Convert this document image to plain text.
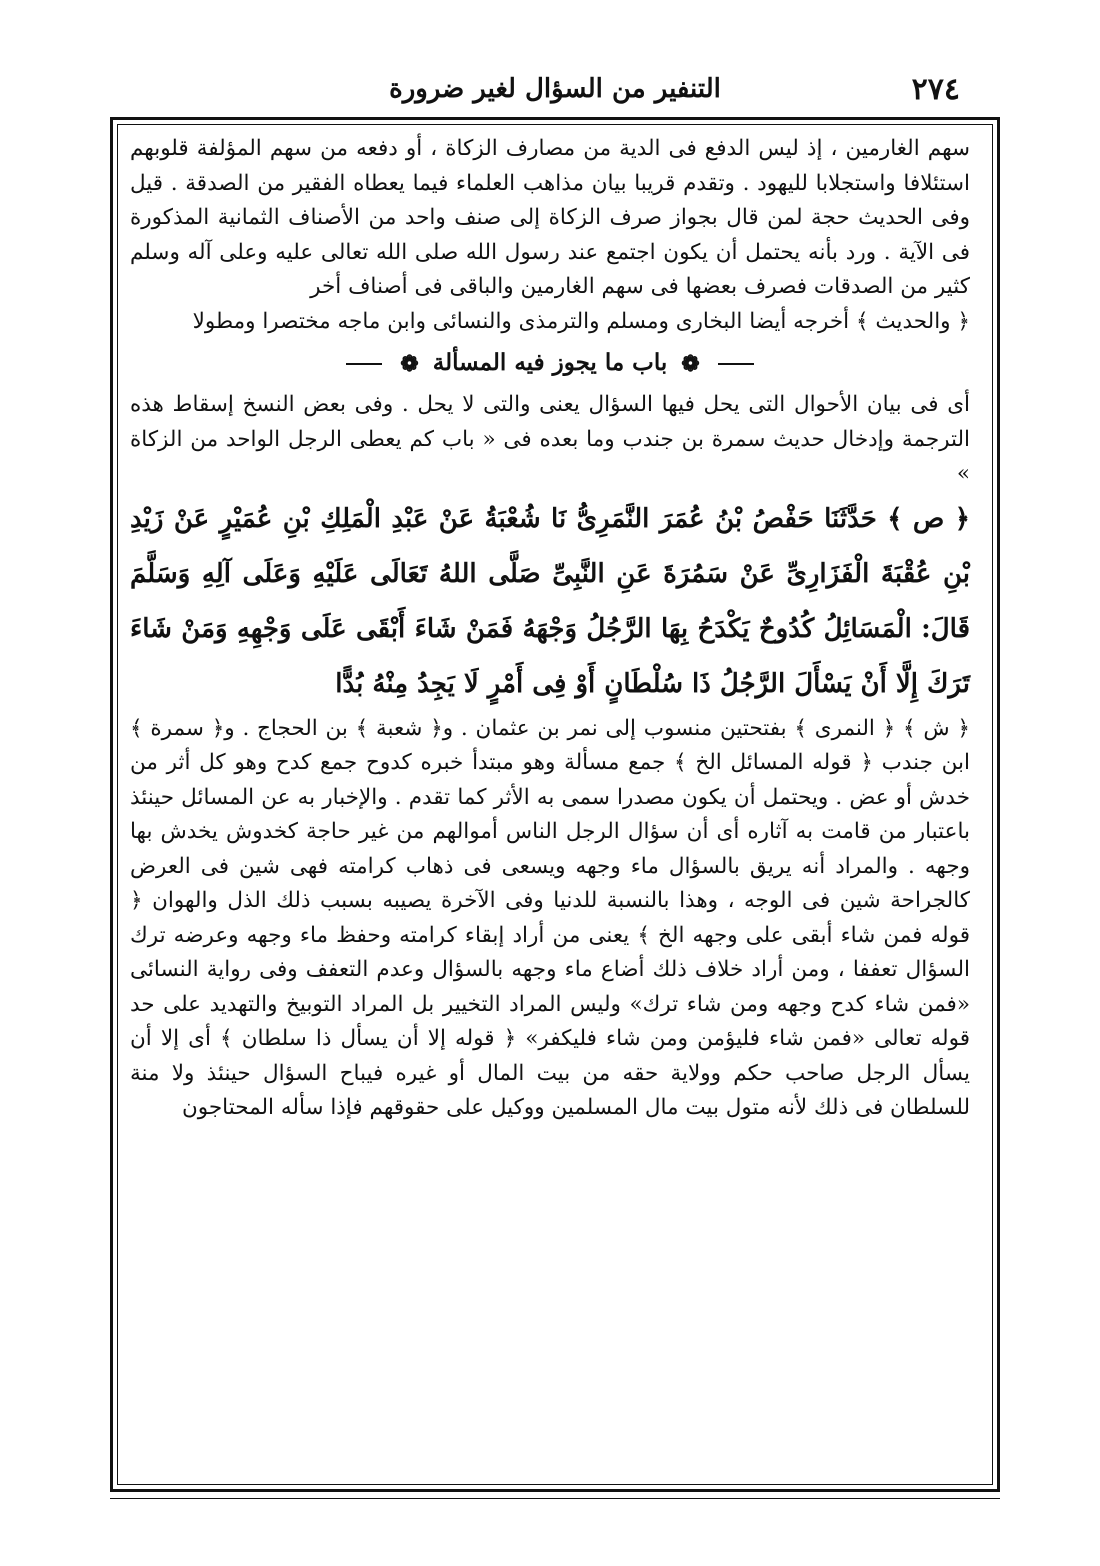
٢٧٤
التنفير من السؤال لغير ضرورة

سهم الغارمين ، إذ ليس الدفع فى الدية من مصارف الزكاة ، أو دفعه من سهم المؤلفة قلوبهم استئلافا واستجلابا لليهود . وتقدم قريبا بيان مذاهب العلماء فيما يعطاه الفقير من الصدقة . قيل وفى الحديث حجة لمن قال بجواز صرف الزكاة إلى صنف واحد من الأصناف الثمانية المذكورة فى الآية . ورد بأنه يحتمل أن يكون اجتمع عند رسول الله صلى الله تعالى عليه وعلى آله وسلم كثير من الصدقات فصرف بعضها فى سهم الغارمين والباقى فى أصناف أخر

﴿ والحديث ﴾ أخرجه أيضا البخارى ومسلم والترمذى والنسائى وابن ماجه مختصرا ومطولا

❁ باب ما يجوز فيه المسألة ❁

أى فى بيان الأحوال التى يحل فيها السؤال يعنى والتى لا يحل . وفى بعض النسخ إسقاط هذه الترجمة وإدخال حديث سمرة بن جندب وما بعده فى « باب كم يعطى الرجل الواحد من الزكاة »

﴿ ص ﴾ حَدَّثَنَا حَفْصُ بْنُ عُمَرَ النَّمَرِىُّ نَا شُعْبَةُ عَنْ عَبْدِ الْمَلِكِ بْنِ عُمَيْرٍ عَنْ زَيْدِ بْنِ عُقْبَةَ الْفَزَارِىِّ عَنْ سَمُرَةَ عَنِ النَّبِىِّ صَلَّى اللهُ تَعَالَى عَلَيْهِ وَعَلَى آلِهِ وَسَلَّمَ قَالَ: الْمَسَائِلُ كُدُوحٌ يَكْدَحُ بِهَا الرَّجُلُ وَجْهَهُ فَمَنْ شَاءَ أَبْقَى عَلَى وَجْهِهِ وَمَنْ شَاءَ تَرَكَ إِلَّا أَنْ يَسْأَلَ الرَّجُلُ ذَا سُلْطَانٍ أَوْ فِى أَمْرٍ لَا يَجِدُ مِنْهُ بُدًّا

﴿ ش ﴾ ﴿ النمرى ﴾ بفتحتين منسوب إلى نمر بن عثمان . و﴿ شعبة ﴾ بن الحجاج . و﴿ سمرة ﴾ ابن جندب ﴿ قوله المسائل الخ ﴾ جمع مسألة وهو مبتدأ خبره كدوح جمع كدح وهو كل أثر من خدش أو عض . ويحتمل أن يكون مصدرا سمى به الأثر كما تقدم . والإخبار به عن المسائل حينئذ باعتبار من قامت به آثاره أى أن سؤال الرجل الناس أموالهم من غير حاجة كخدوش يخدش بها وجهه . والمراد أنه يريق بالسؤال ماء وجهه ويسعى فى ذهاب كرامته فهى شين فى العرض كالجراحة شين فى الوجه ، وهذا بالنسبة للدنيا وفى الآخرة يصيبه بسبب ذلك الذل والهوان ﴿ قوله فمن شاء أبقى على وجهه الخ ﴾ يعنى من أراد إبقاء كرامته وحفظ ماء وجهه وعرضه ترك السؤال تعففا ، ومن أراد خلاف ذلك أضاع ماء وجهه بالسؤال وعدم التعفف وفى رواية النسائى «فمن شاء كدح وجهه ومن شاء ترك» وليس المراد التخيير بل المراد التوبيخ والتهديد على حد قوله تعالى «فمن شاء فليؤمن ومن شاء فليكفر» ﴿ قوله إلا أن يسأل ذا سلطان ﴾ أى إلا أن يسأل الرجل صاحب حكم وولاية حقه من بيت المال أو غيره فيباح السؤال حينئذ ولا منة للسلطان فى ذلك لأنه متول بيت مال المسلمين ووكيل على حقوقهم فإذا سأله المحتاجون
